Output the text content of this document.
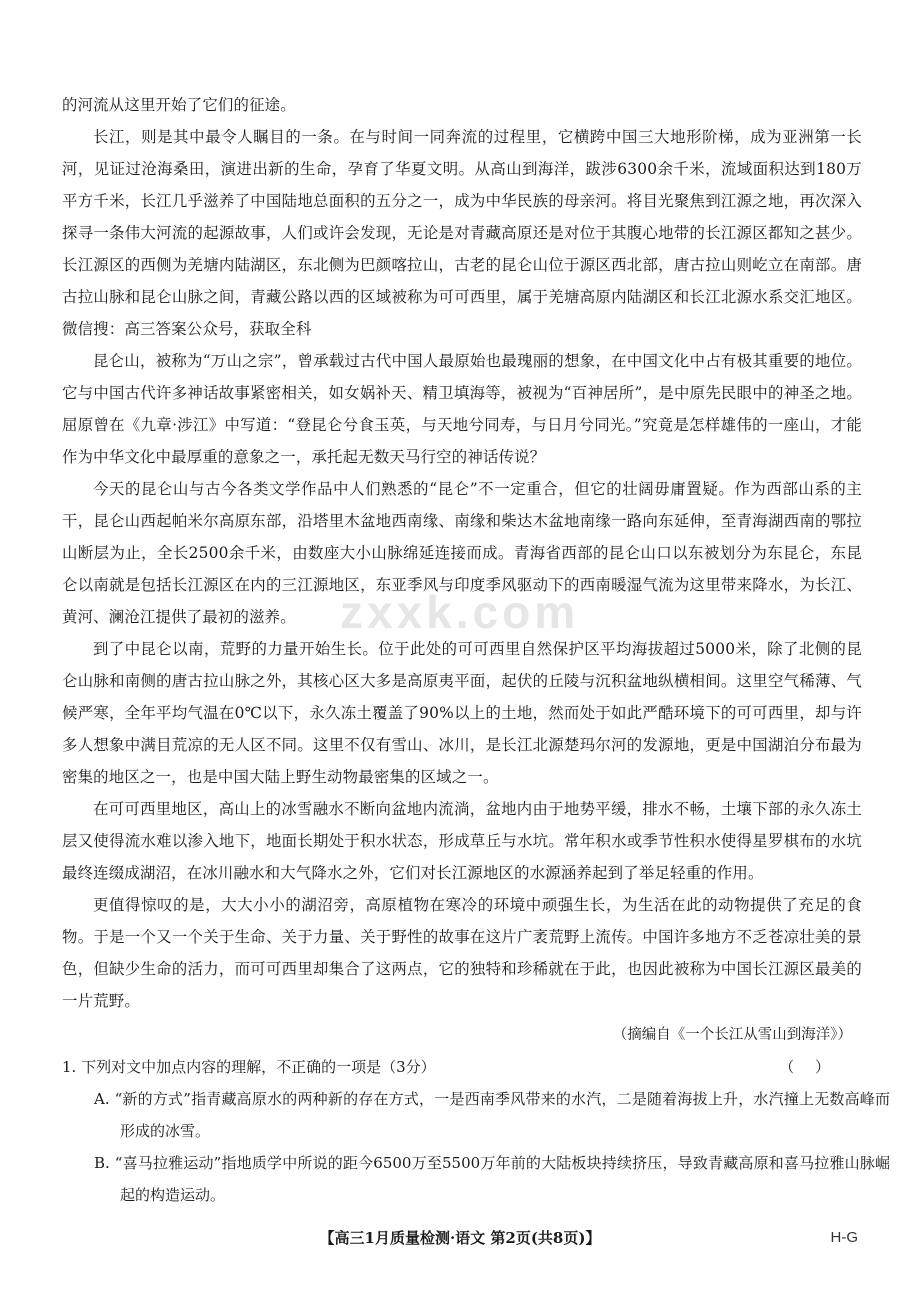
zxxk.com
的河流从这里开始了它们的征途。
长江，则是其中最令人瞩目的一条。在与时间一同奔流的过程里，它横跨中国三大地形阶梯，成为亚洲第一长河，见证过沧海桑田，演进出新的生命，孕育了华夏文明。从高山到海洋，跋涉6300余千米，流域面积达到180万平方千米，长江几乎滋养了中国陆地总面积的五分之一，成为中华民族的母亲河。将目光聚焦到江源之地，再次深入探寻一条伟大河流的起源故事，人们或许会发现，无论是对青藏高原还是对位于其腹心地带的长江源区都知之甚少。长江源区的西侧为羌塘内陆湖区，东北侧为巴颜喀拉山，古老的昆仑山位于源区西北部，唐古拉山则屹立在南部。唐古拉山脉和昆仑山脉之间，青藏公路以西的区域被称为可可西里，属于羌塘高原内陆湖区和长江北源水系交汇地区。微信搜：高三答案公众号，获取全科
昆仑山，被称为“万山之宗”，曾承载过古代中国人最原始也最瑰丽的想象，在中国文化中占有极其重要的地位。它与中国古代许多神话故事紧密相关，如女娲补天、精卫填海等，被视为“百神居所”，是中原先民眼中的神圣之地。屈原曾在《九章·涉江》中写道：“登昆仑兮食玉英，与天地兮同寿，与日月兮同光。”究竟是怎样雄伟的一座山，才能作为中华文化中最厚重的意象之一，承托起无数天马行空的神话传说？
今天的昆仑山与古今各类文学作品中人们熟悉的“昆仑”不一定重合，但它的壮阔毋庸置疑。作为西部山系的主干，昆仑山西起帕米尔高原东部，沿塔里木盆地西南缘、南缘和柴达木盆地南缘一路向东延伸，至青海湖西南的鄂拉山断层为止，全长2500余千米，由数座大小山脉绵延连接而成。青海省西部的昆仑山口以东被划分为东昆仑，东昆仑以南就是包括长江源区在内的三江源地区，东亚季风与印度季风驱动下的西南暖湿气流为这里带来降水，为长江、黄河、澜沧江提供了最初的滋养。
到了中昆仑以南，荒野的力量开始生长。位于此处的可可西里自然保护区平均海拔超过5000米，除了北侧的昆仑山脉和南侧的唐古拉山脉之外，其核心区大多是高原夷平面，起伏的丘陵与沉积盆地纵横相间。这里空气稀薄、气候严寒，全年平均气温在0℃以下，永久冻土覆盖了90%以上的土地，然而处于如此严酷环境下的可可西里，却与许多人想象中满目荒凉的无人区不同。这里不仅有雪山、冰川，是长江北源楚玛尔河的发源地，更是中国湖泊分布最为密集的地区之一，也是中国大陆上野生动物最密集的区域之一。
在可可西里地区，高山上的冰雪融水不断向盆地内流淌，盆地内由于地势平缓，排水不畅，土壤下部的永久冻土层又使得流水难以渗入地下，地面长期处于积水状态，形成草丘与水坑。常年积水或季节性积水使得星罗棋布的水坑最终连缀成湖沼，在冰川融水和大气降水之外，它们对长江源地区的水源涵养起到了举足轻重的作用。
更值得惊叹的是，大大小小的湖沼旁，高原植物在寒冷的环境中顽强生长，为生活在此的动物提供了充足的食物。于是一个又一个关于生命、关于力量、关于野性的故事在这片广袤荒野上流传。中国许多地方不乏苍凉壮美的景色，但缺少生命的活力，而可可西里却集合了这两点，它的独特和珍稀就在于此，也因此被称为中国长江源区最美的一片荒野。
（摘编自《一个长江从雪山到海洋》）
1. 下列对文中加点内容的理解，不正确的一项是（3分）	（ ）
A. “新的方式”指青藏高原水的两种新的存在方式，一是西南季风带来的水汽，二是随着海拔上升，水汽撞上无数高峰而形成的冰雪。
B. “喜马拉雅运动”指地质学中所说的距今6500万至5500万年前的大陆板块持续挤压，导致青藏高原和喜马拉雅山脉崛起的构造运动。
【高三1月质量检测·语文 第2页(共8页)】	H-G
